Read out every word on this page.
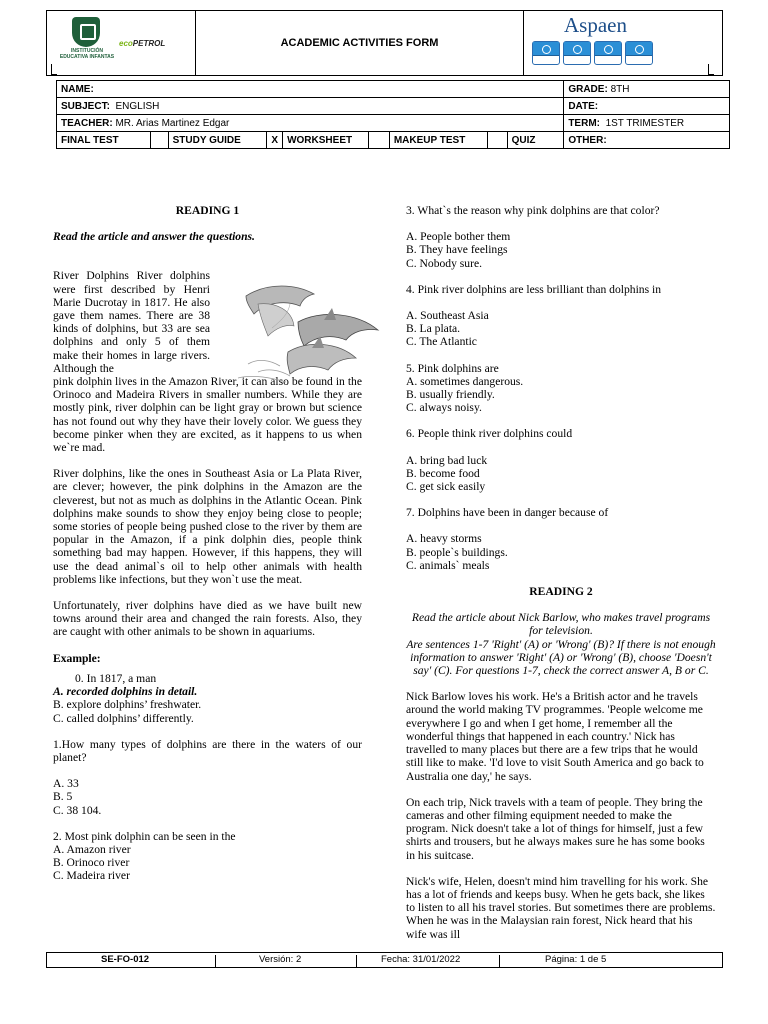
INSTITUCIÓN EDUCATIVA INFANTAS
ecoPETROL	ACADEMIC ACTIVITIES FORM
Aspaen
NAME:									GRADE: 8TH
SUBJECT: ENGLISH									DATE:
TEACHER: MR. Arias Martinez Edgar									TERM: 1ST TRIMESTER
FINAL TEST		STUDY GUIDE	X	WORKSHEET		MAKEUP TEST		QUIZ	OTHER:

READING 1

Read the article and answer the questions.

River Dolphins River dolphins were first described by Henri Marie Ducrotay in 1817. He also gave them names. There are 38 kinds of dolphins, but 33 are sea dolphins and only 5 of them make their homes in large rivers. Although the

pink dolphin lives in the Amazon River, it can also be found in the Orinoco and Madeira Rivers in smaller numbers. While they are mostly pink, river dolphin can be light gray or brown but science has not found out why they have their lovely color. We guess they become pinker when they are excited, as it happens to us when we`re mad.

River dolphins, like the ones in Southeast Asia or La Plata River, are clever; however, the pink dolphins in the Amazon are the cleverest, but not as much as dolphins in the Atlantic Ocean. Pink dolphins make sounds to show they enjoy being close to people; some stories of people being pushed close to the river by them are popular in the Amazon, if a pink dolphin dies, people think something bad may happen. However, if this happens, they will use the dead animal`s oil to help other animals with health problems like infections, but they won`t use the meat.

Unfortunately, river dolphins have died as we have built new towns around their area and changed the rain forests. Also, they are caught with other animals to be shown in aquariums.

Example:

0. In 1817, a man

A. recorded dolphins in detail.

B. explore dolphins’ freshwater.

C. called dolphins’ differently.

1.How many types of dolphins are there in the waters of our planet?

A. 33

B. 5

C. 38 104.

2. Most pink dolphin can be seen in the

A. Amazon river

B. Orinoco river

C. Madeira river

3. What`s the reason why pink dolphins are that color?

A. People bother them

B. They have feelings

C. Nobody sure.

4. Pink river dolphins are less brilliant than dolphins in

A. Southeast Asia

B. La plata.

C. The Atlantic

5. Pink dolphins are

A. sometimes dangerous.

B. usually friendly.

C. always noisy.

6. People think river dolphins could

A. bring bad luck

B. become food

C. get sick easily

7. Dolphins have been in danger because of

A. heavy storms

B. people`s buildings.

C. animals` meals

READING 2

Read the article about Nick Barlow, who makes travel programs for television.

Are sentences 1-7 'Right' (A) or 'Wrong' (B)? If there is not enough information to answer 'Right' (A) or 'Wrong' (B), choose 'Doesn't say' (C). For questions 1-7, check the correct answer A, B or C.

Nick Barlow loves his work. He's a British actor and he travels around the world making TV programmes. 'People welcome me everywhere I go and when I get home, I remember all the wonderful things that happened in each country.' Nick has travelled to many places but there are a few trips that he would still like to make. 'I'd love to visit South America and go back to Australia one day,' he says.

On each trip, Nick travels with a team of people. They bring the cameras and other filming equipment needed to make the program. Nick doesn't take a lot of things for himself, just a few shirts and trousers, but he always makes sure he has some books in his suitcase.

Nick's wife, Helen, doesn't mind him travelling for his work. She has a lot of friends and keeps busy. When he gets back, she likes to listen to all his travel stories. But sometimes there are problems. When he was in the Malaysian rain forest, Nick heard that his wife was ill

SE-FO-012	Versión: 2	Fecha: 31/01/2022	Página: 1 de 5
